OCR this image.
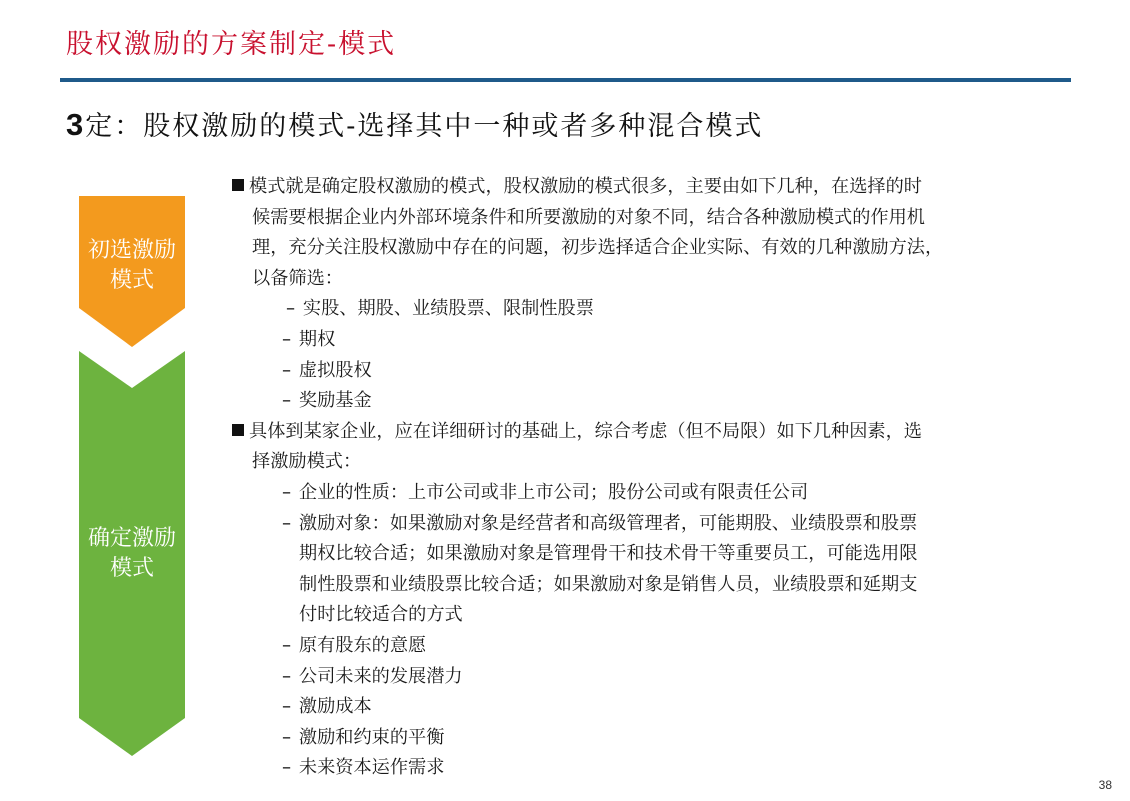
股权激励的方案制定-模式
3定：股权激励的模式-选择其中一种或者多种混合模式
初选激励
模式
确定激励
模式
模式就是确定股权激励的模式，股权激励的模式很多，主要由如下几种，在选择的时
候需要根据企业内外部环境条件和所要激励的对象不同，结合各种激励模式的作用机
理，充分关注股权激励中存在的问题，初步选择适合企业实际、有效的几种激励方法，
以备筛选：
– 实股、期股、业绩股票、限制性股票
– 期权
– 虚拟股权
– 奖励基金
具体到某家企业，应在详细研讨的基础上，综合考虑（但不局限）如下几种因素，选
择激励模式：
– 企业的性质：上市公司或非上市公司；股份公司或有限责任公司
– 激励对象：如果激励对象是经营者和高级管理者，可能期股、业绩股票和股票
期权比较合适；如果激励对象是管理骨干和技术骨干等重要员工，可能选用限
制性股票和业绩股票比较合适；如果激励对象是销售人员，业绩股票和延期支
付时比较适合的方式
– 原有股东的意愿
– 公司未来的发展潜力
– 激励成本
– 激励和约束的平衡
– 未来资本运作需求
38
